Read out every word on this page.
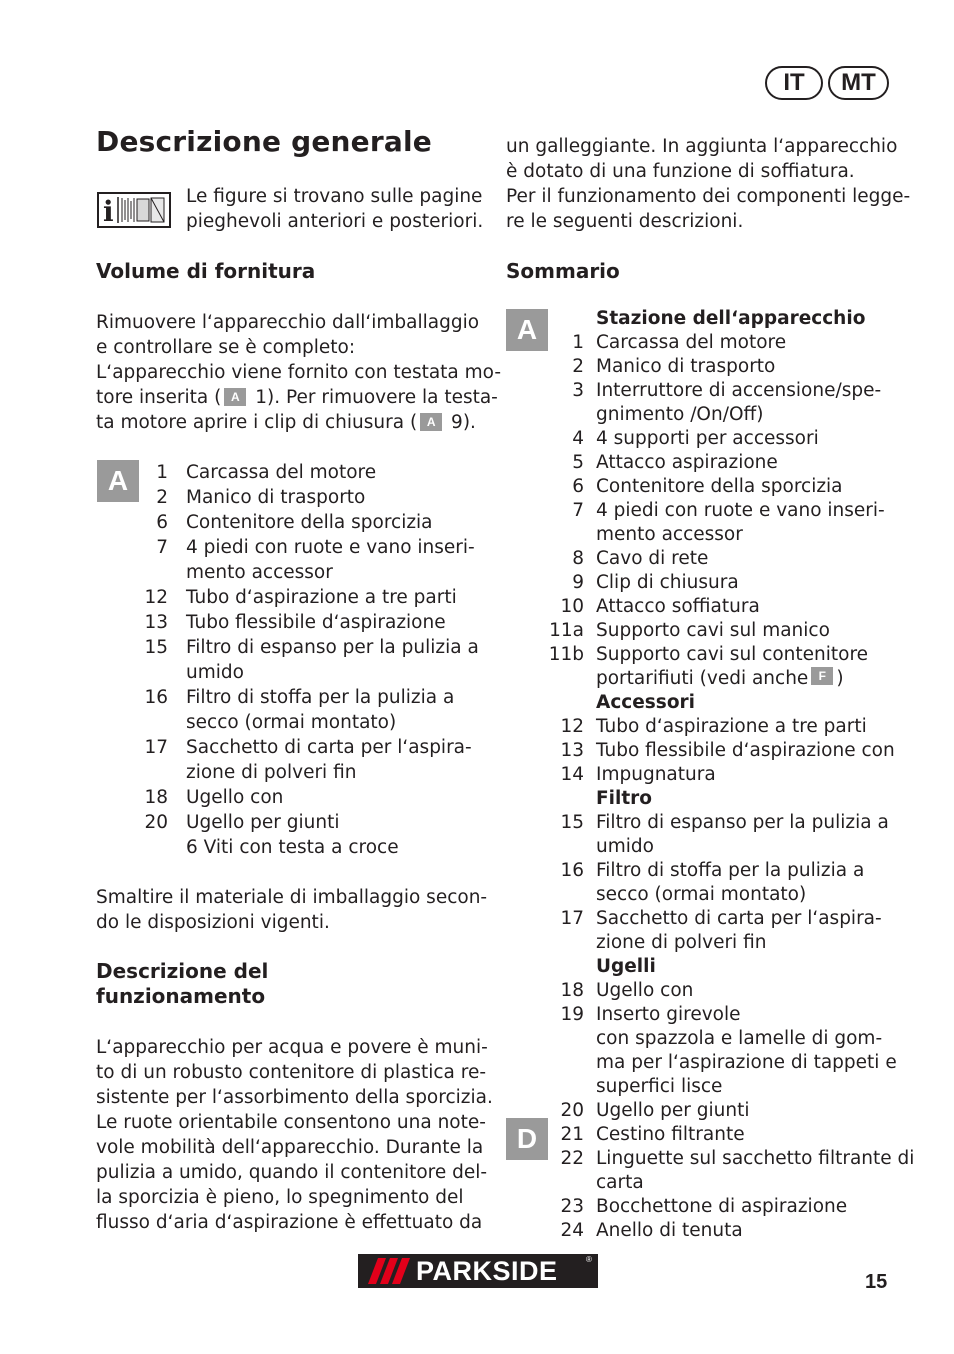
IT	MT
Descrizione generale
i	Le figure si trovano sulle pagine

pieghevoli anteriori e posteriori.

Volume di fornitura

Rimuovere l‘apparecchio dall‘imballaggio

e controllare se è completo:

L‘apparecchio viene fornito con testata mo-

tore inserita ( A 1). Per rimuovere la testa-

ta motore aprire i clip di chiusura ( A 9).

A	1 Carcassa del motore
2 Manico di trasporto
6 Contenitore della sporcizia
7 4 piedi con ruote e vano inseri-
mento accessor
12 Tubo d‘aspirazione a tre parti
13 Tubo flessibile d‘aspirazione
15 Filtro di espanso per la pulizia a
umido
16 Filtro di stoffa per la pulizia a
secco (ormai montato)
17 Sacchetto di carta per l‘aspira-
zione di polveri fin
18 Ugello con
20 Ugello per giunti
6 Viti con testa a croce

Smaltire il materiale di imballaggio secon-

do le disposizioni vigenti.

Descrizione del
funzionamento

L‘apparecchio per acqua e povere è muni-

to di un robusto contenitore di plastica re-

sistente per l‘assorbimento della sporcizia.

Le ruote orientabile consentono una note-

vole mobilità dell‘apparecchio. Durante la

pulizia a umido, quando il contenitore del-

la sporcizia è pieno, lo spegnimento del

flusso d‘aria d‘aspirazione è effettuato da

un galleggiante. In aggiunta l‘apparecchio

è dotato di una funzione di soffiatura.

Per il funzionamento dei componenti legge-

re le seguenti descrizioni.

Sommario
A
D
Stazione dell‘apparecchio
1 Carcassa del motore
2 Manico di trasporto
3 Interruttore di accensione/spe-
gnimento /On/Off)
4 4 supporti per accessori
5 Attacco aspirazione
6 Contenitore della sporcizia
7 4 piedi con ruote e vano inseri-
mento accessor
8 Cavo di rete
9 Clip di chiusura
10 Attacco soffiatura
11a Supporto cavi sul manico
11b Supporto cavi sul contenitore
portarifiuti (vedi anche F )
Accessori
12 Tubo d‘aspirazione a tre parti
13 Tubo flessibile d‘aspirazione con
14 Impugnatura
Filtro
15 Filtro di espanso per la pulizia a
umido
16 Filtro di stoffa per la pulizia a
secco (ormai montato)
17 Sacchetto di carta per l‘aspira-
zione di polveri fin
Ugelli
18 Ugello con
19 Inserto girevole
con spazzola e lamelle di gom-
ma per l‘aspirazione di tappeti e
superfici lisce
20 Ugello per giunti
21 Cestino filtrante
22 Linguette sul sacchetto filtrante di
carta
23 Bocchettone di aspirazione
24 Anello di tenuta
PARKSIDE	®
15
